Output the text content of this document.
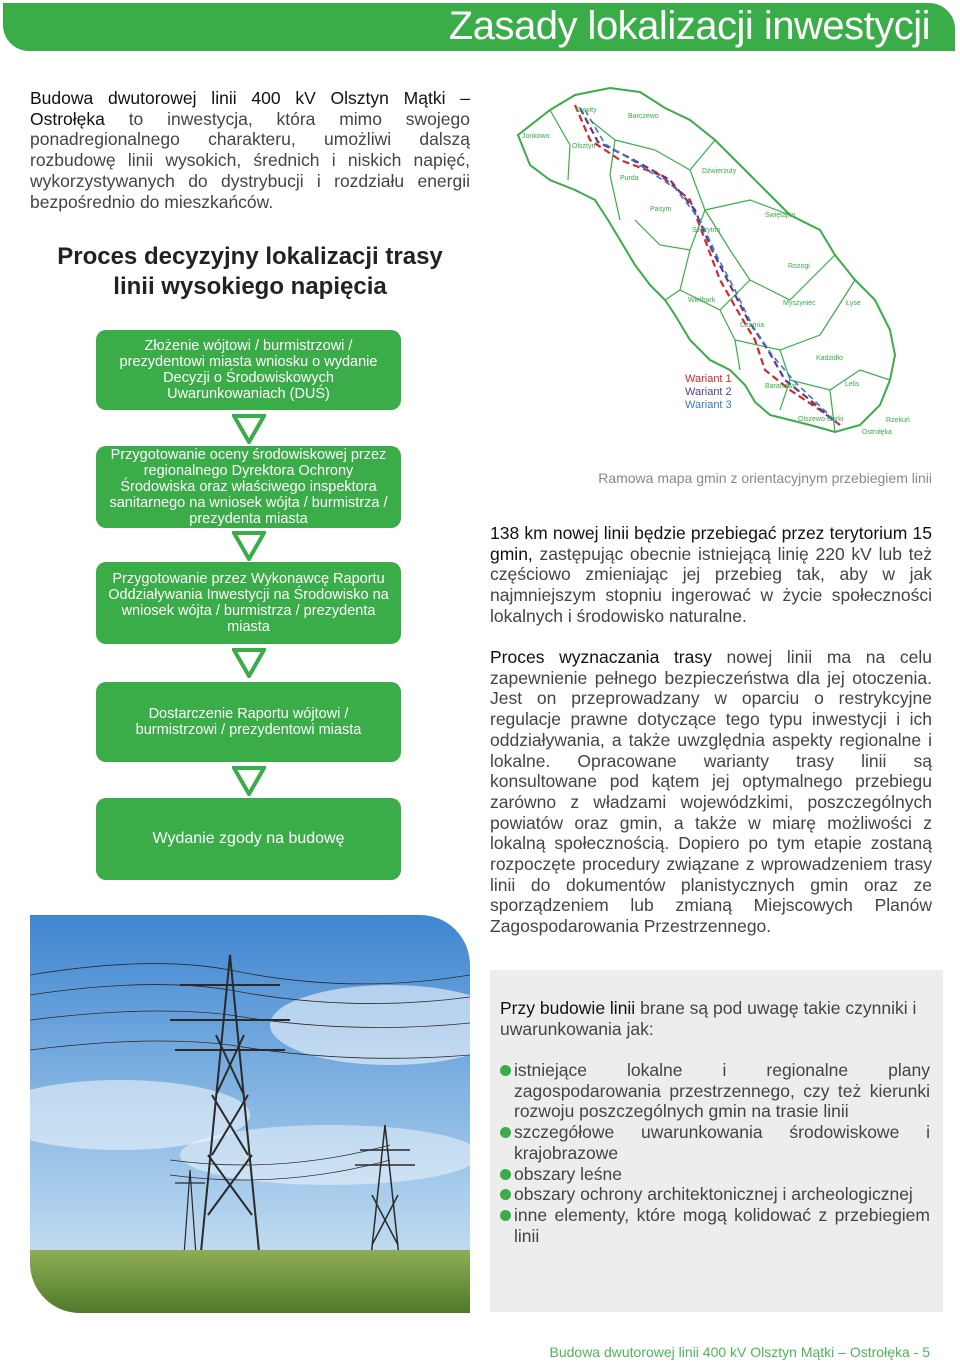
Zasady lokalizacji inwestycji
Budowa dwutorowej linii 400 kV Olsztyn Mątki – Ostrołęka to inwestycja, która mimo swojego ponadregionalnego charakteru, umożliwi dalszą rozbudowę linii wysokich, średnich i niskich napięć, wykorzystywanych do dystrybucji i rozdziału energii bezpośrednio do mieszkańców.
Proces decyzyjny lokalizacji trasy
linii wysokiego napięcia
Złożenie wójtowi / burmistrzowi / prezydentowi miasta wniosku o wydanie Decyzji o Środowiskowych Uwarunkowaniach (DUŚ)
Przygotowanie oceny środowiskowej przez regionalnego Dyrektora Ochrony Środowiska oraz właściwego inspektora sanitarnego na wniosek wójta / burmistrza / prezydenta miasta
Przygotowanie przez Wykonawcę Raportu Oddziaływania Inwestycji na Środowisko na wniosek wójta / burmistrza / prezydenta miasta
Dostarczenie Raportu wójtowi / burmistrzowi / prezydentowi miasta
Wydanie zgody na budowę
Jonkowo
Dywity
Olsztyn
Barczewo
Purda
Dźwierzuty
Pasym
Świętajno
Szczytno
Rozogi
Wielbark	Myszyniec	Łyse
Czarnia
Kadzidło
Baranowo	Lelis
Olszewo-Borki	Rzekuń
Ostrołęka
Wariant 1
Wariant 2
Wariant 3
Ramowa mapa gmin z orientacyjnym przebiegiem linii
138 km nowej linii będzie przebiegać przez terytorium 15 gmin, zastępując obecnie istniejącą linię 220 kV lub też częściowo zmieniając jej przebieg tak, aby w jak najmniejszym stopniu ingerować w życie społeczności lokalnych i środowisko naturalne.
Proces wyznaczania trasy nowej linii ma na celu zapewnienie pełnego bezpieczeństwa dla jej otoczenia. Jest on przeprowadzany w oparciu o restrykcyjne regulacje prawne dotyczące tego typu inwestycji i ich oddziaływania, a także uwzględnia aspekty regionalne i lokalne. Opracowane warianty trasy linii są konsultowane pod kątem jej optymalnego przebiegu zarówno z władzami wojewódzkimi, poszczególnych powiatów oraz gmin, a także w miarę możliwości z lokalną społecznością. Dopiero po tym etapie zostaną rozpoczęte procedury związane z wprowadzeniem trasy linii do dokumentów planistycznych gmin oraz ze sporządzeniem lub zmianą Miejscowych Planów Zagospodarowania Przestrzennego.
Przy budowie linii brane są pod uwagę takie czynniki i uwarunkowania jak:
istniejące lokalne i regionalne plany zagospodarowania przestrzennego, czy też kierunki rozwoju poszczególnych gmin na trasie linii
szczegółowe uwarunkowania środowiskowe i krajobrazowe
obszary leśne
obszary ochrony architektonicznej i archeologicznej
inne elementy, które mogą kolidować z przebiegiem linii
Budowa dwutorowej linii 400 kV Olsztyn Mątki – Ostrołęka - 5
